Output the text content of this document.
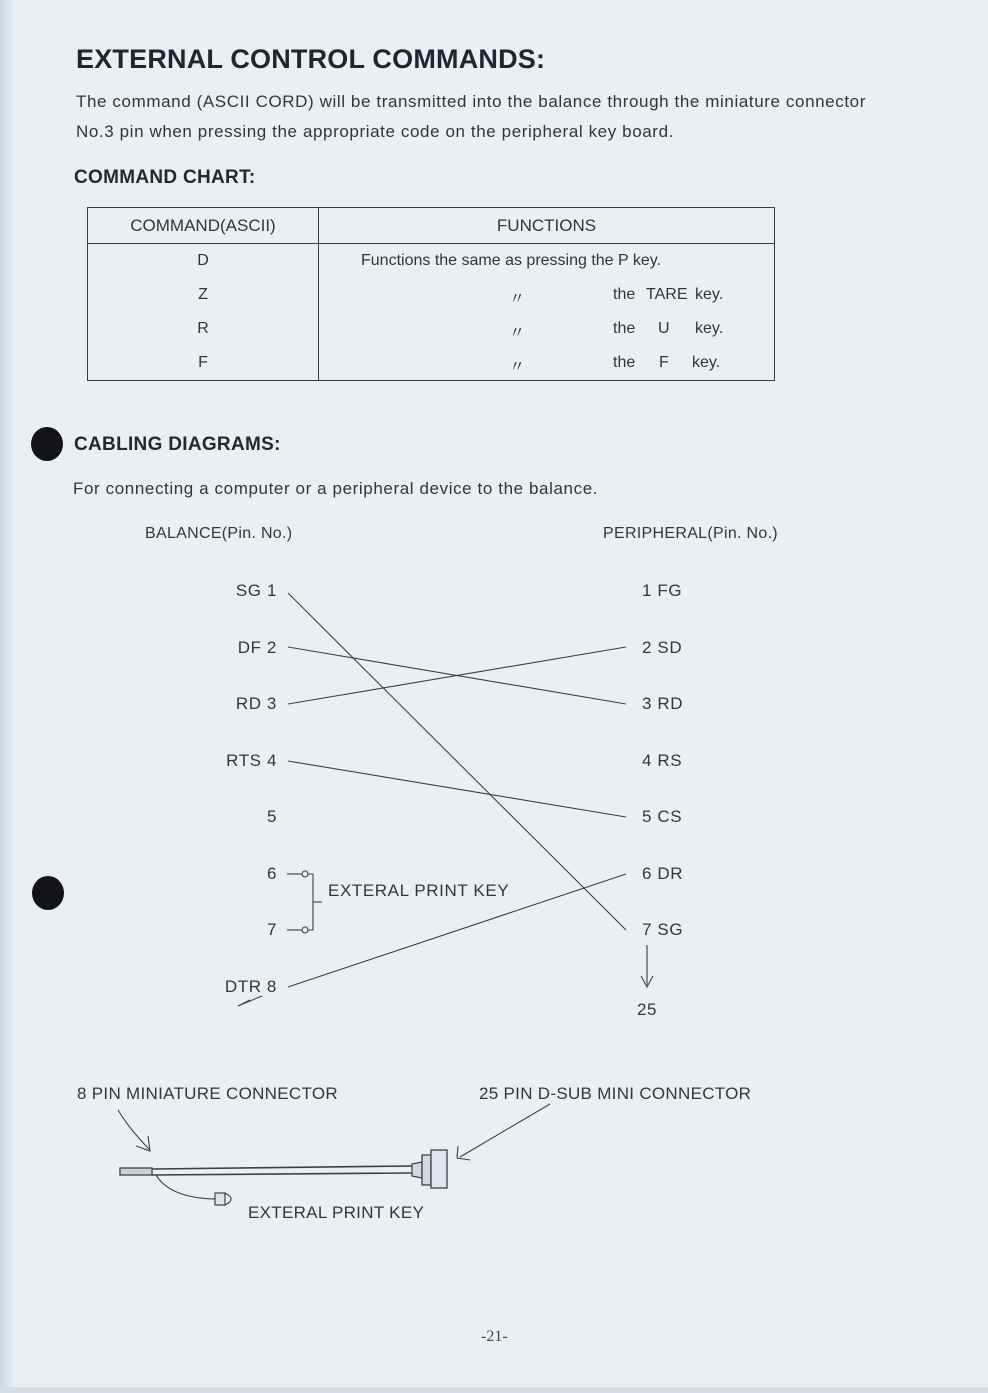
EXTERNAL CONTROL COMMANDS:
The command (ASCII CORD) will be transmitted into the balance through the miniature connector
No.3 pin when pressing the appropriate code on the peripheral key board.
COMMAND CHART:
COMMAND(ASCII)	FUNCTIONS
D	Functions the same as pressing the P key.

Z	〃 the TARE key.

R	〃 the U key.

F	〃 the F key.
CABLING DIAGRAMS:
For connecting a computer or a peripheral device to the balance.
BALANCE(Pin. No.)	PERIPHERAL(Pin. No.)
SG 1
DF 2
RD 3
RTS 4
5
6
7
DTR 8
1 FG
2 SD
3 RD
4 RS
5 CS
6 DR
7 SG
25
EXTERAL PRINT KEY
8 PIN MINIATURE CONNECTOR	25 PIN D-SUB MINI CONNECTOR
EXTERAL PRINT KEY
-21-
